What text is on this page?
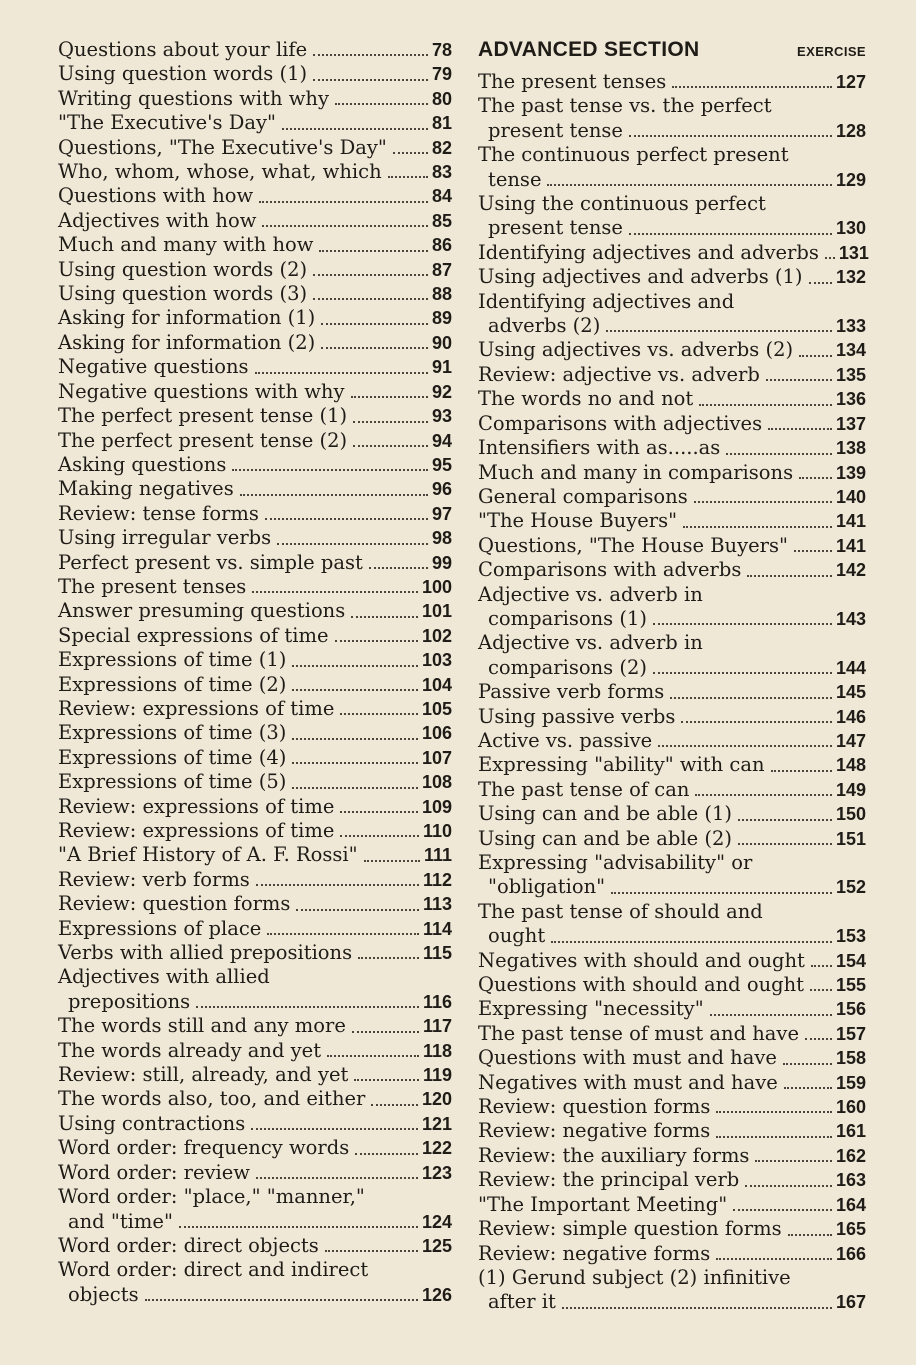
Questions about your life	78
Using question words (1)	79
Writing questions with why	80
"The Executive's Day"	81
Questions, "The Executive's Day"	82
Who, whom, whose, what, which	83
Questions with how	84
Adjectives with how	85
Much and many with how	86
Using question words (2)	87
Using question words (3)	88
Asking for information (1)	89
Asking for information (2)	90
Negative questions	91
Negative questions with why	92
The perfect present tense (1)	93
The perfect present tense (2)	94
Asking questions	95
Making negatives	96
Review: tense forms	97
Using irregular verbs	98
Perfect present vs. simple past	99
The present tenses	100
Answer presuming questions	101
Special expressions of time	102
Expressions of time (1)	103
Expressions of time (2)	104
Review: expressions of time	105
Expressions of time (3)	106
Expressions of time (4)	107
Expressions of time (5)	108
Review: expressions of time	109
Review: expressions of time	110
"A Brief History of A. F. Rossi"	111
Review: verb forms	112
Review: question forms	113
Expressions of place	114
Verbs with allied prepositions	115
Adjectives with allied
prepositions	116
The words still and any more	117
The words already and yet	118
Review: still, already, and yet	119
The words also, too, and either	120
Using contractions	121
Word order: frequency words	122
Word order: review	123
Word order: "place," "manner,"
and "time"	124
Word order: direct objects	125
Word order: direct and indirect
objects	126
ADVANCED SECTION	EXERCISE
The present tenses	127
The past tense vs. the perfect
present tense	128
The continuous perfect present
tense	129
Using the continuous perfect
present tense	130
Identifying adjectives and adverbs 131
Using adjectives and adverbs (1) 132
Identifying adjectives and
adverbs (2)	133
Using adjectives vs. adverbs (2) 134
Review: adjective vs. adverb	135
The words no and not	136
Comparisons with adjectives	137
Intensifiers with as.....as	138
Much and many in comparisons 139
General comparisons	140
"The House Buyers"	141
Questions, "The House Buyers"	141
Comparisons with adverbs	142
Adjective vs. adverb in
comparisons (1)	143
Adjective vs. adverb in
comparisons (2)	144
Passive verb forms	145
Using passive verbs	146
Active vs. passive	147
Expressing "ability" with can	148
The past tense of can	149
Using can and be able (1)	150
Using can and be able (2)	151
Expressing "advisability" or
"obligation"	152
The past tense of should and
ought	153
Negatives with should and ought 154
Questions with should and ought 155
Expressing "necessity"	156
The past tense of must and have 157
Questions with must and have	158
Negatives with must and have	159
Review: question forms	160
Review: negative forms	161
Review: the auxiliary forms	162
Review: the principal verb	163
"The Important Meeting"	164
Review: simple question forms	165
Review: negative forms	166
(1) Gerund subject (2) infinitive
after it	167
